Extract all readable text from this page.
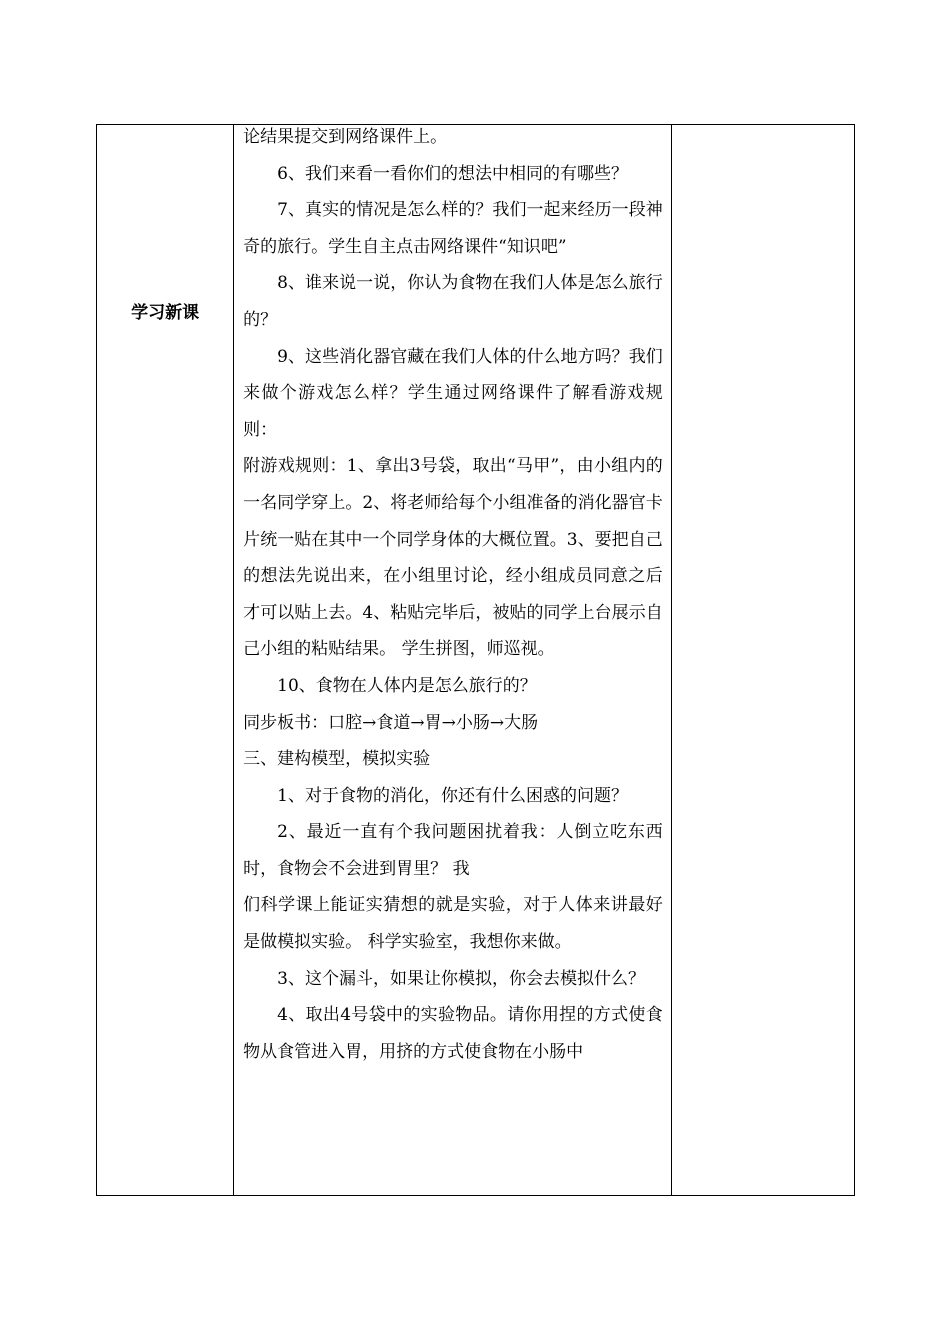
学习新课

论结果提交到网络课件上。

6、我们来看一看你们的想法中相同的有哪些？

7、真实的情况是怎么样的？我们一起来经历一段神奇的旅行。学生自主点击网络课件“知识吧”

8、谁来说一说，你认为食物在我们人体是怎么旅行的？

9、这些消化器官藏在我们人体的什么地方吗？我们来做个游戏怎么样？学生通过网络课件了解看游戏规则：

附游戏规则：1、拿出3号袋，取出“马甲”，由小组内的一名同学穿上。2、将老师给每个小组准备的消化器官卡片统一贴在其中一个同学身体的大概位置。3、要把自己的想法先说出来，在小组里讨论，经小组成员同意之后才可以贴上去。4、粘贴完毕后，被贴的同学上台展示自己小组的粘贴结果。 学生拼图，师巡视。

10、食物在人体内是怎么旅行的？

同步板书：口腔→食道→胃→小肠→大肠

三、建构模型，模拟实验

1、对于食物的消化，你还有什么困惑的问题？

2、最近一直有个我问题困扰着我：人倒立吃东西时，食物会不会进到胃里？ 我

们科学课上能证实猜想的就是实验，对于人体来讲最好是做模拟实验。 科学实验室，我想你来做。

3、这个漏斗，如果让你模拟，你会去模拟什么？

4、取出4号袋中的实验物品。请你用捏的方式使食物从食管进入胃，用挤的方式使食物在小肠中
